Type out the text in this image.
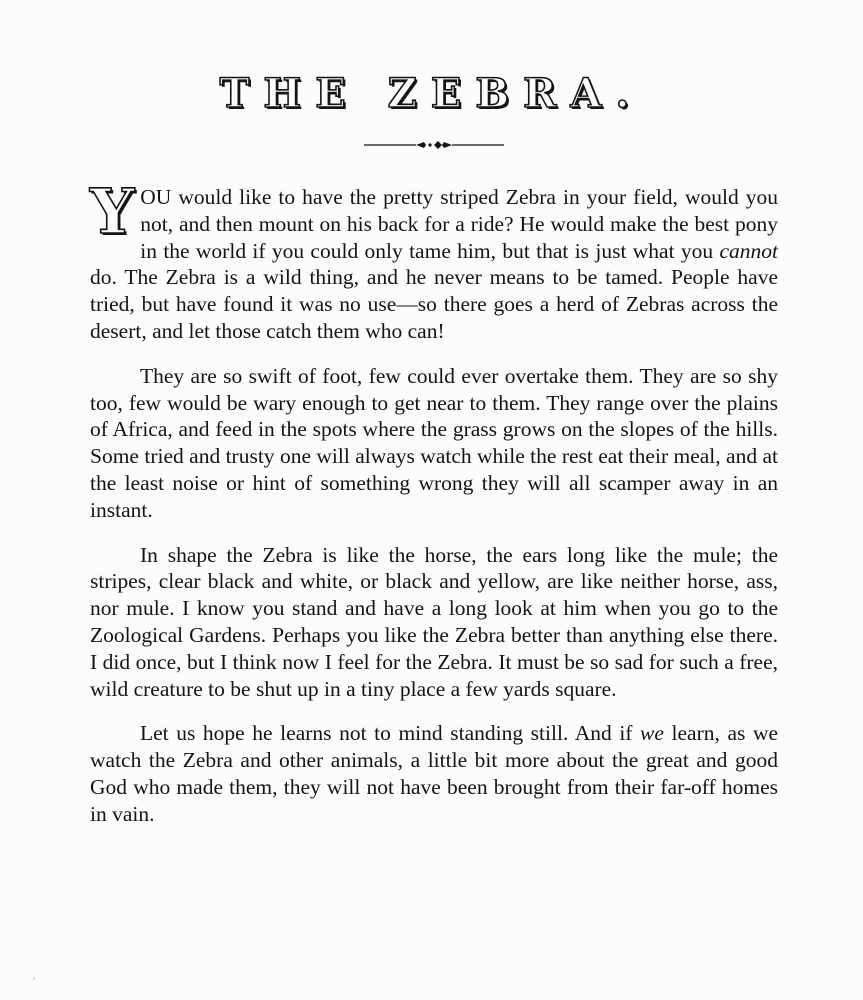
THE ZEBRA.

YOU would like to have the pretty striped Zebra in your field, would you not, and then mount on his back for a ride? He would make the best pony in the world if you could only tame him, but that is just what you cannot do. The Zebra is a wild thing, and he never means to be tamed. People have tried, but have found it was no use—so there goes a herd of Zebras across the desert, and let those catch them who can!

They are so swift of foot, few could ever overtake them. They are so shy too, few would be wary enough to get near to them. They range over the plains of Africa, and feed in the spots where the grass grows on the slopes of the hills. Some tried and trusty one will always watch while the rest eat their meal, and at the least noise or hint of something wrong they will all scamper away in an instant.

In shape the Zebra is like the horse, the ears long like the mule; the stripes, clear black and white, or black and yellow, are like neither horse, ass, nor mule. I know you stand and have a long look at him when you go to the Zoological Gardens. Perhaps you like the Zebra better than anything else there. I did once, but I think now I feel for the Zebra. It must be so sad for such a free, wild creature to be shut up in a tiny place a few yards square.

Let us hope he learns not to mind standing still. And if we learn, as we watch the Zebra and other animals, a little bit more about the great and good God who made them, they will not have been brought from their far-off homes in vain.

ˌ
